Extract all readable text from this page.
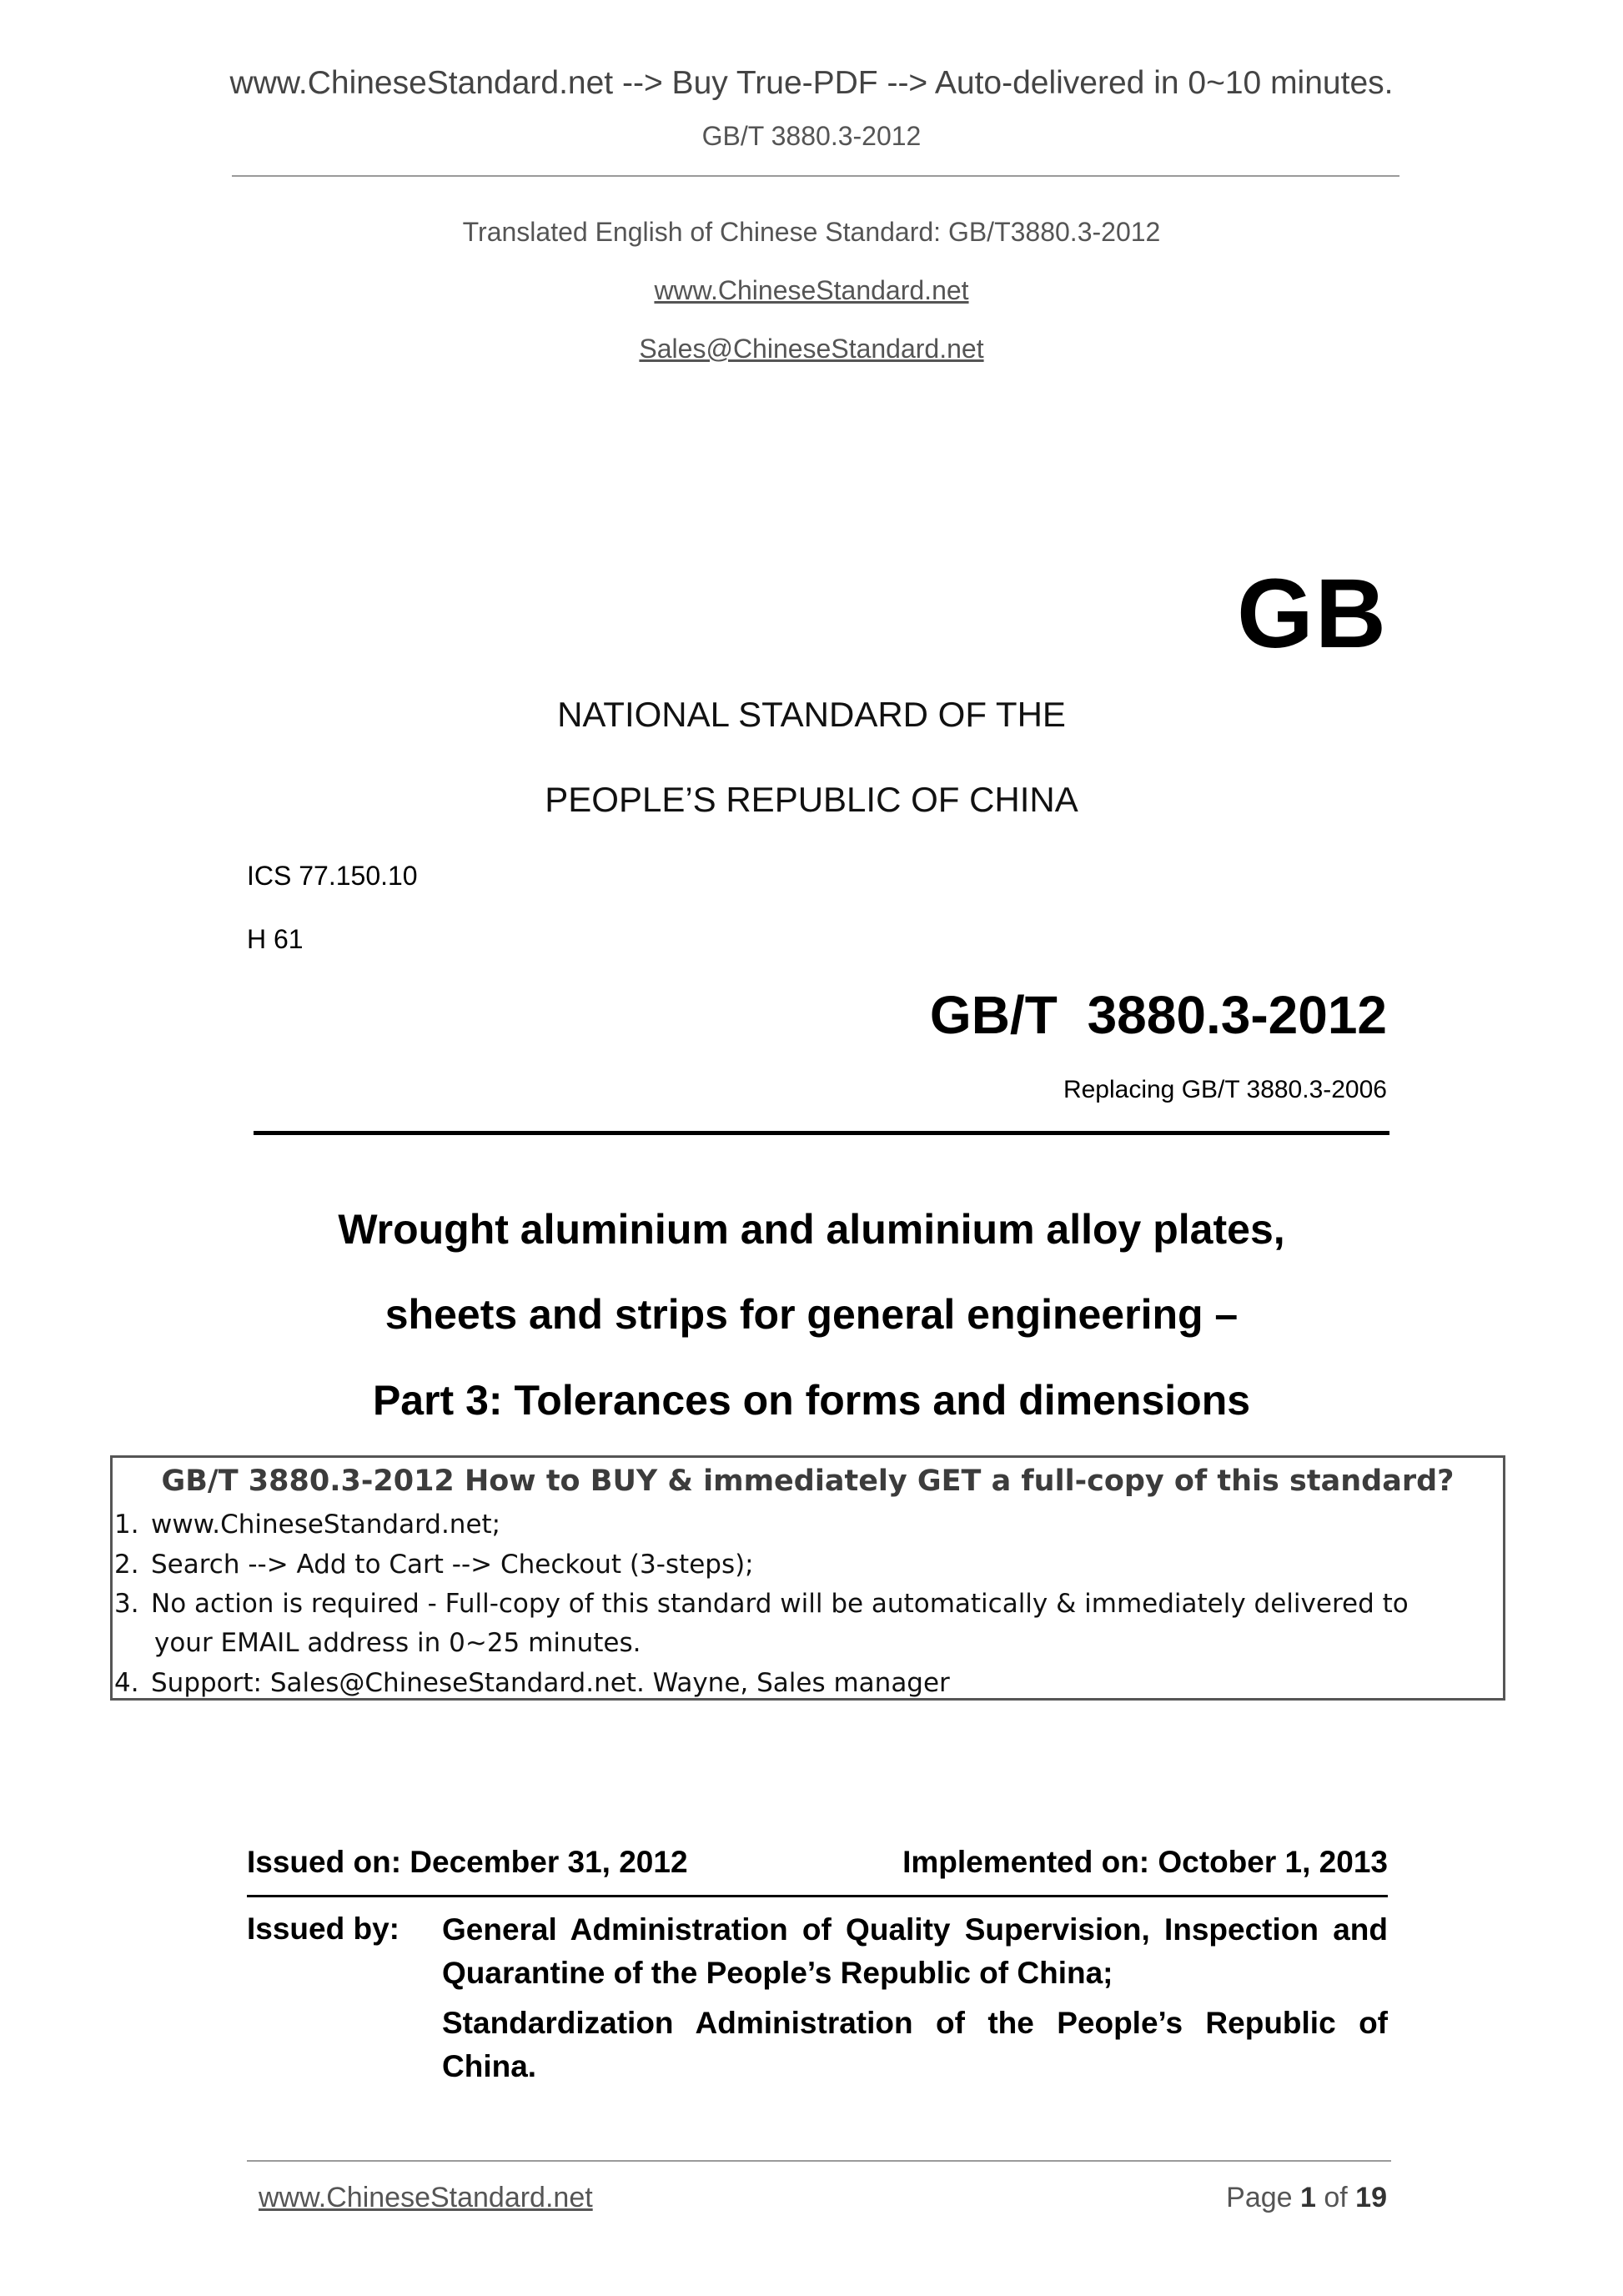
www.ChineseStandard.net --> Buy True-PDF --> Auto-delivered in 0~10 minutes.
GB/T 3880.3-2012
Translated English of Chinese Standard: GB/T3880.3-2012
www.ChineseStandard.net
Sales@ChineseStandard.net
GB
NATIONAL STANDARD OF THE
PEOPLE’S REPUBLIC OF CHINA
ICS 77.150.10
H 61
GB/T 3880.3-2012
Replacing GB/T 3880.3-2006
Wrought aluminium and aluminium alloy plates,
sheets and strips for general engineering –
Part 3: Tolerances on forms and dimensions
GB/T 3880.3-2012 How to BUY & immediately GET a full-copy of this standard?
1. www.ChineseStandard.net;
2. Search --> Add to Cart --> Checkout (3-steps);
3. No action is required - Full-copy of this standard will be automatically & immediately delivered to
your EMAIL address in 0~25 minutes.
4. Support: Sales@ChineseStandard.net. Wayne, Sales manager
Issued on: December 31, 2012	Implemented on: October 1, 2013
Issued by: General Administration of Quality Supervision, Inspection and Quarantine of the People’s Republic of China;
Standardization Administration of the People’s Republic of China.
www.ChineseStandard.net	Page 1 of 19
